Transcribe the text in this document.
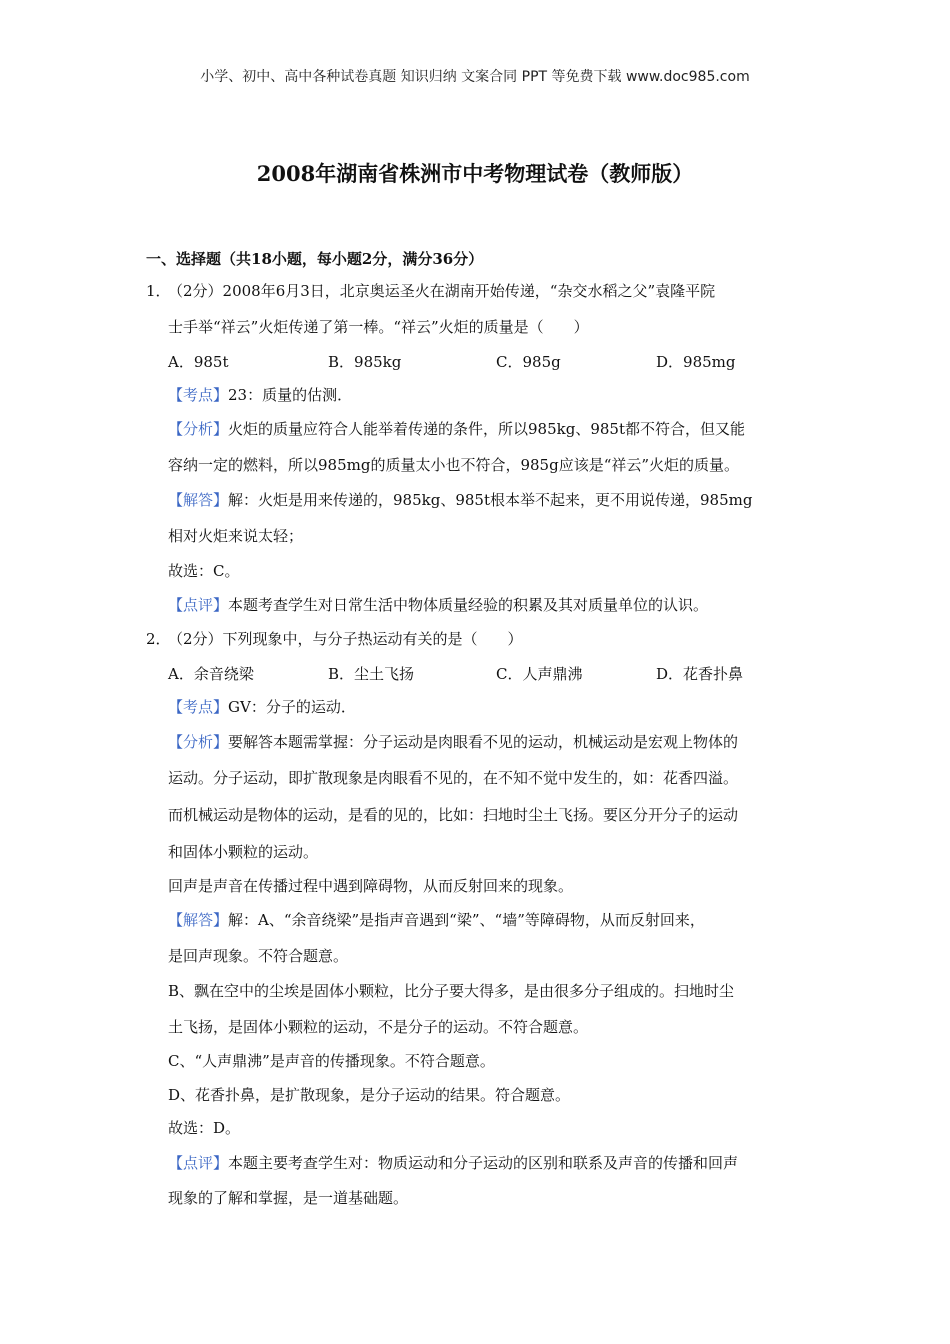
小学、初中、高中各种试卷真题 知识归纳 文案合同 PPT 等免费下载 www.doc985.com
2008年湖南省株洲市中考物理试卷（教师版）
一、选择题（共18小题，每小题2分，满分36分）
1．
（2分）2008年6月3日，北京奥运圣火在湖南开始传递，“杂交水稻之父”袁隆平院
士手举“祥云”火炬传递了第一棒。“祥云”火炬的质量是（　　）
A．985t	B．985kg	C．985g	D．985mg
【考点】23：质量的估测．
【分析】火炬的质量应符合人能举着传递的条件，所以985kg、985t都不符合，但又能
容纳一定的燃料，所以985mg的质量太小也不符合，985g应该是“祥云”火炬的质量。
【解答】解：火炬是用来传递的，985kg、985t根本举不起来，更不用说传递，985mg
相对火炬来说太轻；
故选：C。
【点评】本题考查学生对日常生活中物体质量经验的积累及其对质量单位的认识。
2．
（2分）下列现象中，与分子热运动有关的是（　　）
A．余音绕梁	B．尘土飞扬	C．人声鼎沸	D．花香扑鼻
【考点】GV：分子的运动．
【分析】要解答本题需掌握：分子运动是肉眼看不见的运动，机械运动是宏观上物体的
运动。分子运动，即扩散现象是肉眼看不见的，在不知不觉中发生的，如：花香四溢。
而机械运动是物体的运动，是看的见的，比如：扫地时尘土飞扬。要区分开分子的运动
和固体小颗粒的运动。
回声是声音在传播过程中遇到障碍物，从而反射回来的现象。
【解答】解：A、“余音绕梁”是指声音遇到“梁”、“墙”等障碍物，从而反射回来，
是回声现象。不符合题意。
B、飘在空中的尘埃是固体小颗粒，比分子要大得多，是由很多分子组成的。扫地时尘
土飞扬，是固体小颗粒的运动，不是分子的运动。不符合题意。
C、“人声鼎沸”是声音的传播现象。不符合题意。
D、花香扑鼻，是扩散现象，是分子运动的结果。符合题意。
故选：D。
【点评】本题主要考查学生对：物质运动和分子运动的区别和联系及声音的传播和回声
现象的了解和掌握，是一道基础题。
